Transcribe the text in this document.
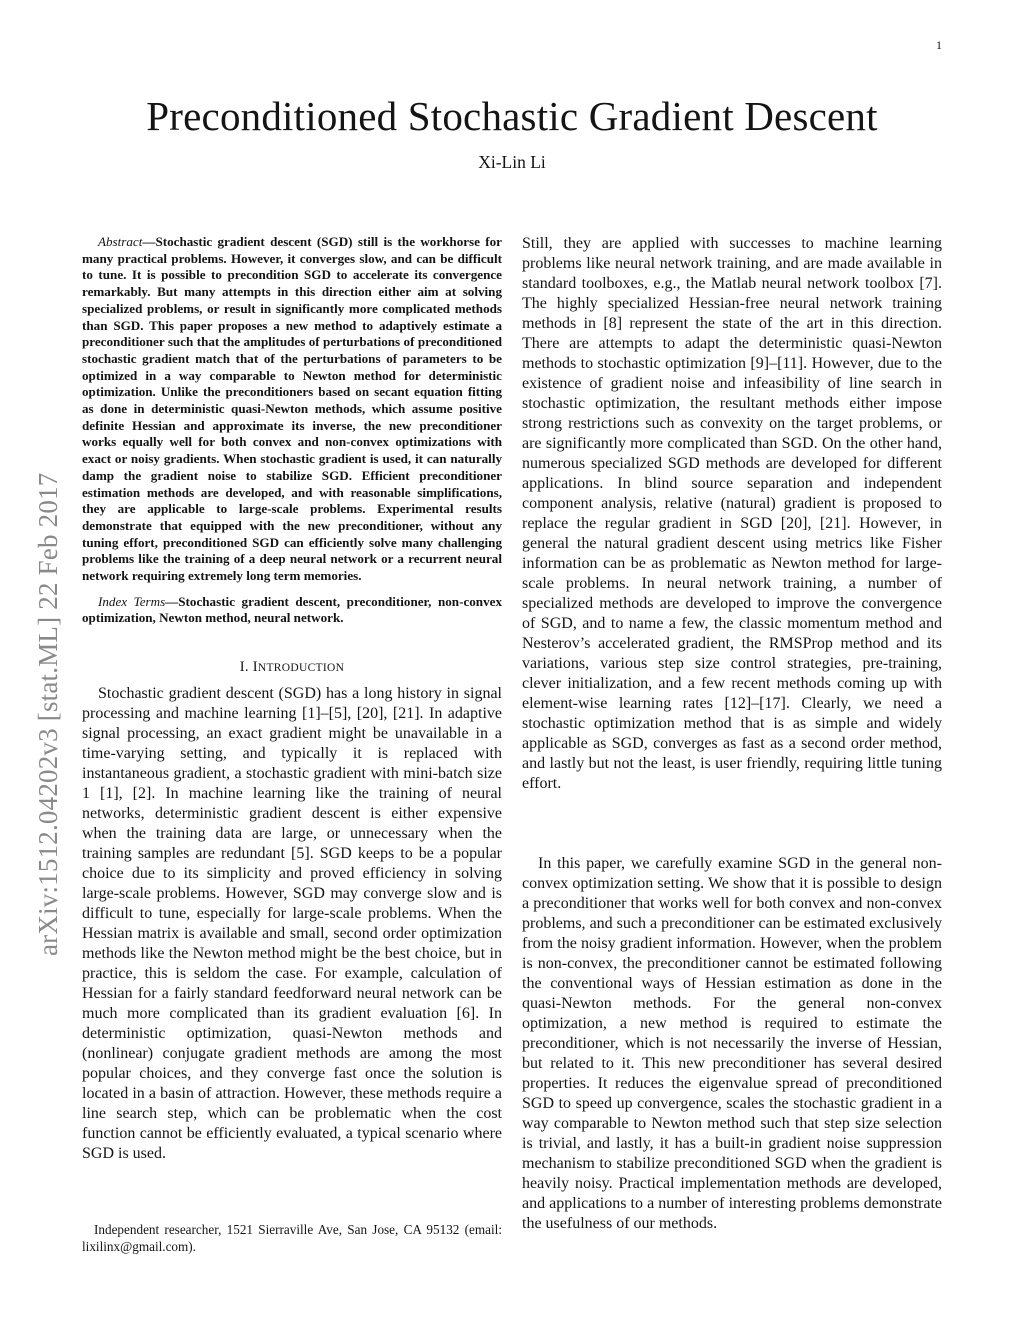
1
Preconditioned Stochastic Gradient Descent
Xi-Lin Li
arXiv:1512.04202v3 [stat.ML] 22 Feb 2017

Abstract—Stochastic gradient descent (SGD) still is the workhorse for many practical problems. However, it converges slow, and can be difficult to tune. It is possible to precondition SGD to accelerate its convergence remarkably. But many attempts in this direction either aim at solving specialized problems, or result in significantly more complicated methods than SGD. This paper proposes a new method to adaptively estimate a preconditioner such that the amplitudes of perturbations of preconditioned stochastic gradient match that of the perturbations of parameters to be optimized in a way comparable to Newton method for deterministic optimization. Unlike the preconditioners based on secant equation fitting as done in deterministic quasi-Newton methods, which assume positive definite Hessian and approximate its inverse, the new preconditioner works equally well for both convex and non-convex optimizations with exact or noisy gradients. When stochastic gradient is used, it can naturally damp the gradient noise to stabilize SGD. Efficient preconditioner estimation methods are developed, and with reasonable simplifications, they are applicable to large-scale problems. Experimental results demonstrate that equipped with the new preconditioner, without any tuning effort, preconditioned SGD can efficiently solve many challenging problems like the training of a deep neural network or a recurrent neural network requiring extremely long term memories.

Index Terms—Stochastic gradient descent, preconditioner, non-convex optimization, Newton method, neural network.

I. INTRODUCTION

Stochastic gradient descent (SGD) has a long history in signal processing and machine learning [1]–[5], [20], [21]. In adaptive signal processing, an exact gradient might be unavailable in a time-varying setting, and typically it is replaced with instantaneous gradient, a stochastic gradient with mini-batch size 1 [1], [2]. In machine learning like the training of neural networks, deterministic gradient descent is either expensive when the training data are large, or unnecessary when the training samples are redundant [5]. SGD keeps to be a popular choice due to its simplicity and proved efficiency in solving large-scale problems. However, SGD may converge slow and is difficult to tune, especially for large-scale problems. When the Hessian matrix is available and small, second order optimization methods like the Newton method might be the best choice, but in practice, this is seldom the case. For example, calculation of Hessian for a fairly standard feedforward neural network can be much more complicated than its gradient evaluation [6]. In deterministic optimization, quasi-Newton methods and (nonlinear) conjugate gradient methods are among the most popular choices, and they converge fast once the solution is located in a basin of attraction. However, these methods require a line search step, which can be problematic when the cost function cannot be efficiently evaluated, a typical scenario where SGD is used.

Still, they are applied with successes to machine learning problems like neural network training, and are made available in standard toolboxes, e.g., the Matlab neural network toolbox [7]. The highly specialized Hessian-free neural network training methods in [8] represent the state of the art in this direction. There are attempts to adapt the deterministic quasi-Newton methods to stochastic optimization [9]–[11]. However, due to the existence of gradient noise and infeasibility of line search in stochastic optimization, the resultant methods either impose strong restrictions such as convexity on the target problems, or are significantly more complicated than SGD. On the other hand, numerous specialized SGD methods are developed for different applications. In blind source separation and independent component analysis, relative (natural) gradient is proposed to replace the regular gradient in SGD [20], [21]. However, in general the natural gradient descent using metrics like Fisher information can be as problematic as Newton method for large-scale problems. In neural network training, a number of specialized methods are developed to improve the convergence of SGD, and to name a few, the classic momentum method and Nesterov’s accelerated gradient, the RMSProp method and its variations, various step size control strategies, pre-training, clever initialization, and a few recent methods coming up with element-wise learning rates [12]–[17]. Clearly, we need a stochastic optimization method that is as simple and widely applicable as SGD, converges as fast as a second order method, and lastly but not the least, is user friendly, requiring little tuning effort.

In this paper, we carefully examine SGD in the general non-convex optimization setting. We show that it is possible to design a preconditioner that works well for both convex and non-convex problems, and such a preconditioner can be estimated exclusively from the noisy gradient information. However, when the problem is non-convex, the preconditioner cannot be estimated following the conventional ways of Hessian estimation as done in the quasi-Newton methods. For the general non-convex optimization, a new method is required to estimate the preconditioner, which is not necessarily the inverse of Hessian, but related to it. This new preconditioner has several desired properties. It reduces the eigenvalue spread of preconditioned SGD to speed up convergence, scales the stochastic gradient in a way comparable to Newton method such that step size selection is trivial, and lastly, it has a built-in gradient noise suppression mechanism to stabilize preconditioned SGD when the gradient is heavily noisy. Practical implementation methods are developed, and applications to a number of interesting problems demonstrate the usefulness of our methods.

Independent researcher, 1521 Sierraville Ave, San Jose, CA 95132 (email: lixilinx@gmail.com).
